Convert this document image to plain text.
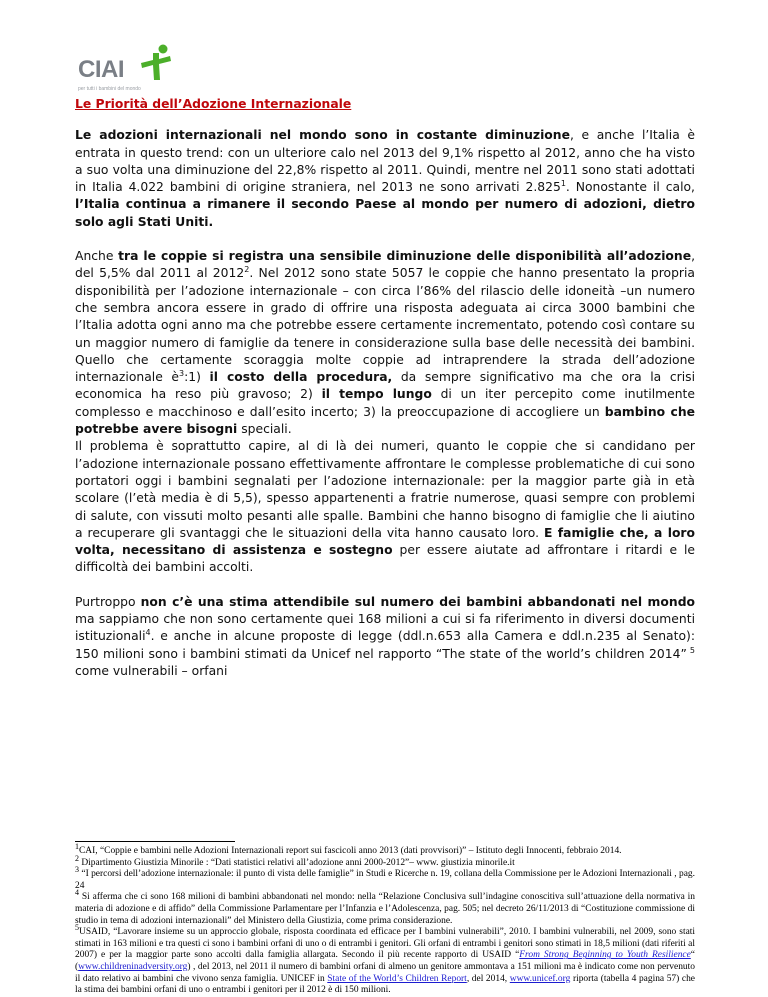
CIAI
per tutti i bambini del mondo
Le Priorità dell’Adozione Internazionale

Le adozioni internazionali nel mondo sono in costante diminuzione, e anche l’Italia è entrata in questo trend: con un ulteriore calo nel 2013 del 9,1% rispetto al 2012, anno che ha visto a suo volta una diminuzione del 22,8% rispetto al 2011. Quindi, mentre nel 2011 sono stati adottati in Italia 4.022 bambini di origine straniera, nel 2013 ne sono arrivati 2.825$^1$. Nonostante il calo, l’Italia continua a rimanere il secondo Paese al mondo per numero di adozioni, dietro solo agli Stati Uniti.

Anche tra le coppie si registra una sensibile diminuzione delle disponibilità all’adozione, del 5,5% dal 2011 al 2012$^2$. Nel 2012 sono state 5057 le coppie che hanno presentato la propria disponibilità per l’adozione internazionale – con circa l’86% del rilascio delle idoneità –un numero che sembra ancora essere in grado di offrire una risposta adeguata ai circa 3000 bambini che l’Italia adotta ogni anno ma che potrebbe essere certamente incrementato, potendo così contare su un maggior numero di famiglie da tenere in considerazione sulla base delle necessità dei bambini. Quello che certamente scoraggia molte coppie ad intraprendere la strada dell’adozione internazionale $è^3:1$) il costo della procedura, da sempre significativo ma che ora la crisi economica ha reso più gravoso; 2) il tempo lungo di un iter percepito come inutilmente complesso e macchinoso e dall’esito incerto; 3) la preoccupazione di accogliere un bambino che potrebbe avere bisogni speciali.

Il problema è soprattutto capire, al di là dei numeri, quanto le coppie che si candidano per l’adozione internazionale possano effettivamente affrontare le complesse problematiche di cui sono portatori oggi i bambini segnalati per l’adozione internazionale: per la maggior parte già in età scolare (l’età media è di 5,5), spesso appartenenti a fratrie numerose, quasi sempre con problemi di salute, con vissuti molto pesanti alle spalle. Bambini che hanno bisogno di famiglie che li aiutino a recuperare gli svantaggi che le situazioni della vita hanno causato loro. E famiglie che, a loro volta, necessitano di assistenza e sostegno per essere aiutate ad affrontare i ritardi e le difficoltà dei bambini accolti.

Purtroppo non c’è una stima attendibile sul numero dei bambini abbandonati nel mondo ma sappiamo che non sono certamente quei 168 milioni a cui si fa riferimento in diversi documenti istituzionali$^4$. e anche in alcune proposte di legge (ddl.n.653 alla Camera e ddl.n.235 al Senato): 150 milioni sono i bambini stimati da Unicef nel rapporto “The state of the world’s children 2014” $^5$ come vulnerabili – orfani

$^1$CAI, “Coppie e bambini nelle Adozioni Internazionali report sui fascicoli anno 2013 (dati provvisori)” – Istituto degli Innocenti, febbraio 2014.
$^2$ Dipartimento Giustizia Minorile : “Dati statistici relativi all’adozione anni 2000-2012”– www. giustizia minorile.it
$^3$ “I percorsi dell’adozione internazionale: il punto di vista delle famiglie” in Studi e Ricerche n. 19, collana della Commissione per le Adozioni Internazionali , pag. 24
$^4$ Si afferma che ci sono 168 milioni di bambini abbandonati nel mondo: nella “Relazione Conclusiva sull’indagine conoscitiva sull’attuazione della normativa in materia di adozione e di affido” della Commissione Parlamentare per l’Infanzia e l’Adolescenza, pag. 505; nel decreto 26/11/2013 di “Costituzione commissione di studio in tema di adozioni internazionali” del Ministero della Giustizia, come prima considerazione.
$^5$USAID, “Lavorare insieme su un approccio globale, risposta coordinata ed efficace per I bambini vulnerabili”, 2010. I bambini vulnerabili, nel 2009, sono stati stimati in 163 milioni e tra questi ci sono i bambini orfani di uno o di entrambi i genitori. Gli orfani di entrambi i genitori sono stimati in 18,5 milioni (dati riferiti al 2007) e per la maggior parte sono accolti dalla famiglia allargata. Secondo il più recente rapporto di USAID “From Strong Beginning to Youth Resilience“ (www.childreninadversity.org) , del 2013, nel 2011 il numero di bambini orfani di almeno un genitore ammontava a 151 milioni ma è indicato come non pervenuto il dato relativo ai bambini che vivono senza famiglia. UNICEF in State of the World’s Children Report, del 2014, www.unicef.org riporta (tabella 4 pagina 57) che la stima dei bambini orfani di uno o entrambi i genitori per il 2012 è di 150 milioni.
